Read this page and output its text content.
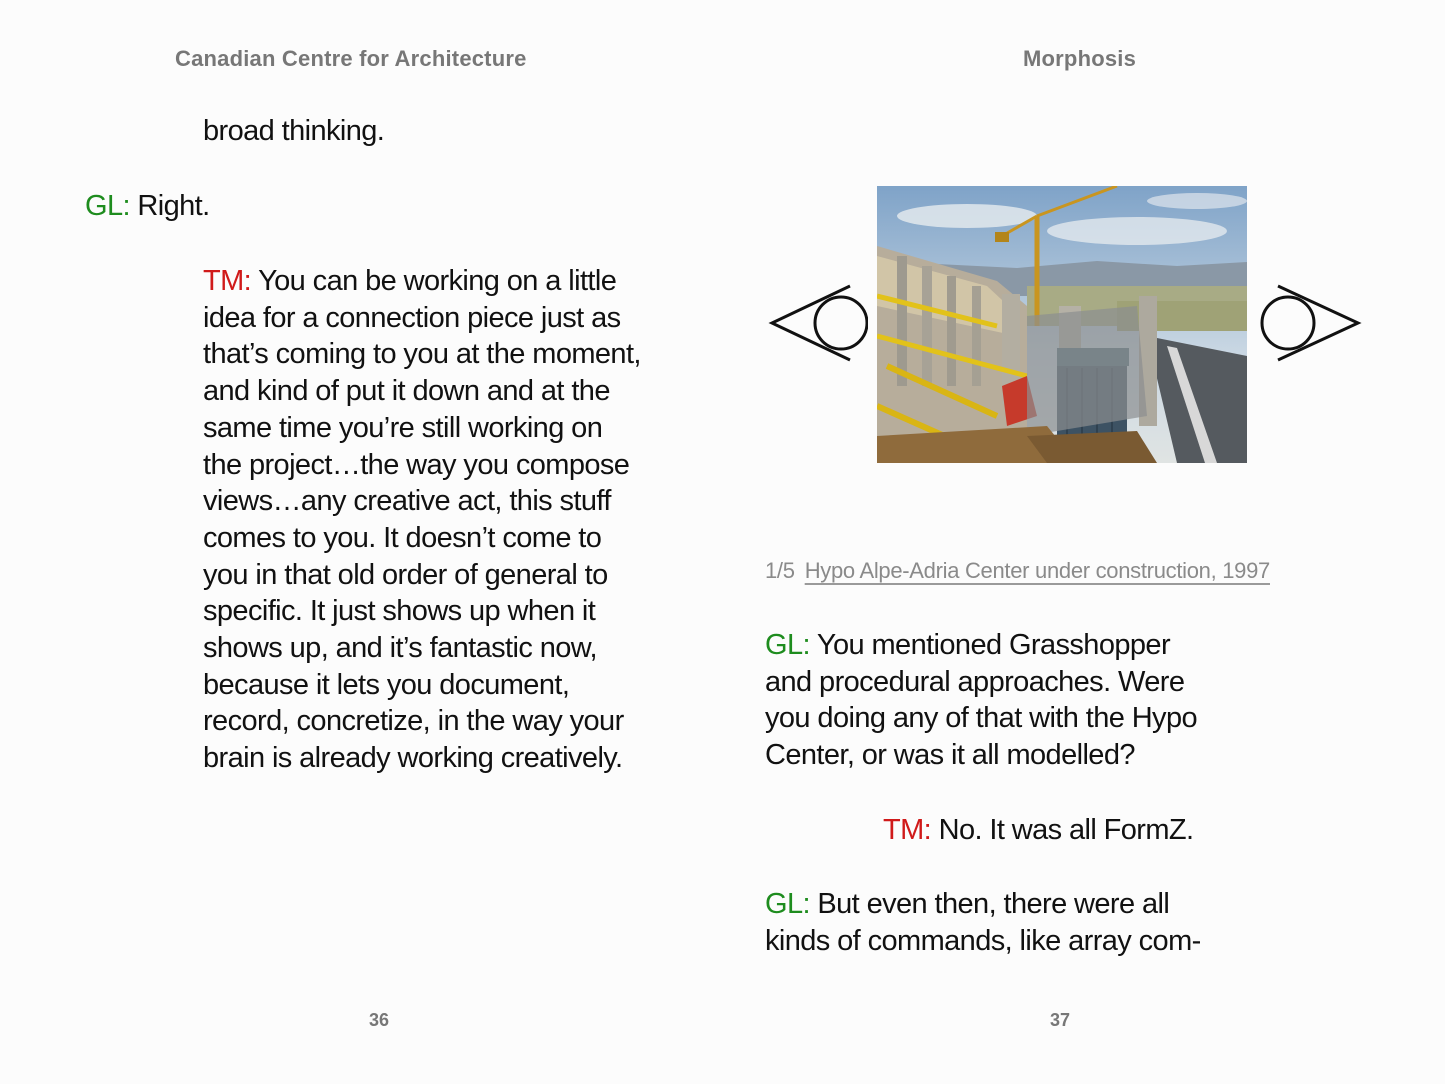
Canadian Centre for Architecture

broad thinking.

GL: Right.

TM: You can be working on a little
idea for a connection piece just as
that’s coming to you at the moment,
and kind of put it down and at the
same time you’re still working on
the project…the way you compose
views…any creative act, this stuff
comes to you. It doesn’t come to
you in that old order of general to
specific. It just shows up when it
shows up, and it’s fantastic now,
because it lets you document,
record, concretize, in the way your
brain is already working creatively.

36
Morphosis
1/5 Hypo Alpe-Adria Center under construction, 1997

GL: You mentioned Grasshopper
and procedural approaches. Were
you doing any of that with the Hypo
Center, or was it all modelled?

TM: No. It was all FormZ.

GL: But even then, there were all
kinds of commands, like array com-

37
